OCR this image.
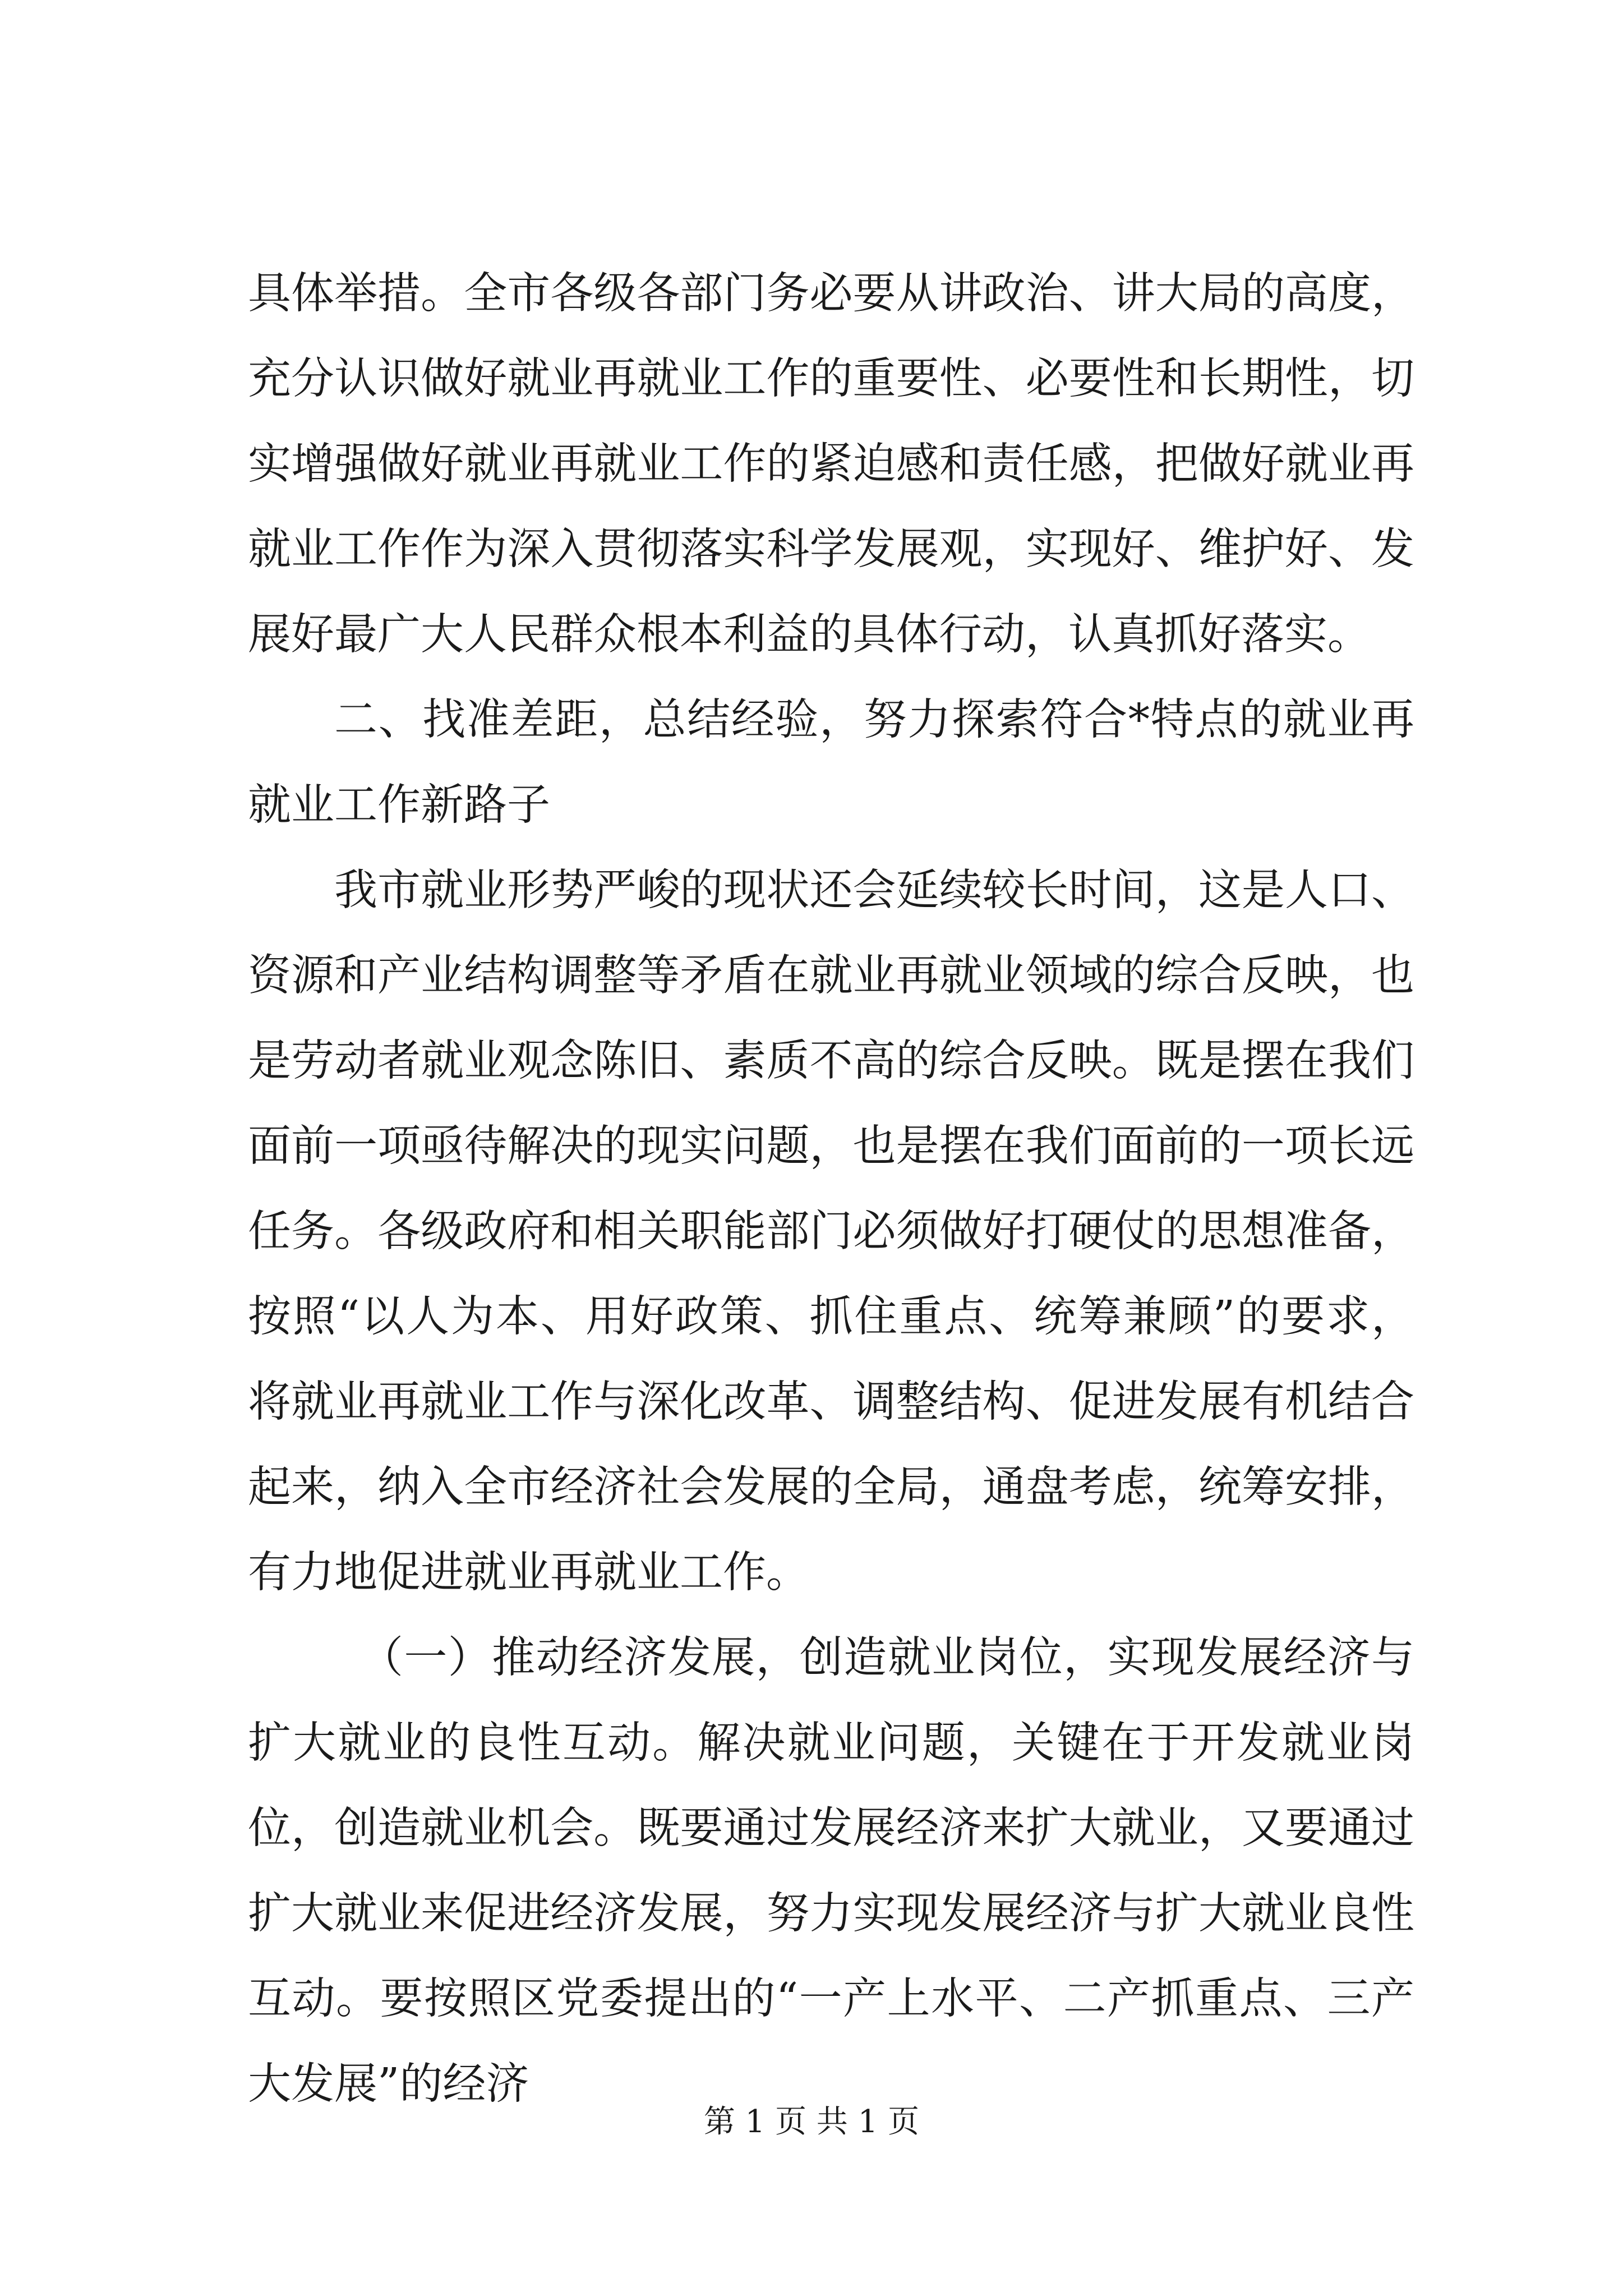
具体举措。全市各级各部门务必要从讲政治、讲大局的高度，充分认识做好就业再就业工作的重要性、必要性和长期性，切实增强做好就业再就业工作的紧迫感和责任感，把做好就业再就业工作作为深入贯彻落实科学发展观，实现好、维护好、发展好最广大人民群众根本利益的具体行动，认真抓好落实。

二、找准差距，总结经验，努力探索符合*特点的就业再就业工作新路子

我市就业形势严峻的现状还会延续较长时间，这是人口、资源和产业结构调整等矛盾在就业再就业领域的综合反映，也是劳动者就业观念陈旧、素质不高的综合反映。既是摆在我们面前一项亟待解决的现实问题，也是摆在我们面前的一项长远任务。各级政府和相关职能部门必须做好打硬仗的思想准备，按照“以人为本、用好政策、抓住重点、统筹兼顾”的要求，将就业再就业工作与深化改革、调整结构、促进发展有机结合起来，纳入全市经济社会发展的全局，通盘考虑，统筹安排，有力地促进就业再就业工作。

（一）推动经济发展，创造就业岗位，实现发展经济与扩大就业的良性互动。解决就业问题，关键在于开发就业岗位，创造就业机会。既要通过发展经济来扩大就业，又要通过扩大就业来促进经济发展，努力实现发展经济与扩大就业良性互动。要按照区党委提出的“一产上水平、二产抓重点、三产大发展”的经济

第 1 页 共 1 页
